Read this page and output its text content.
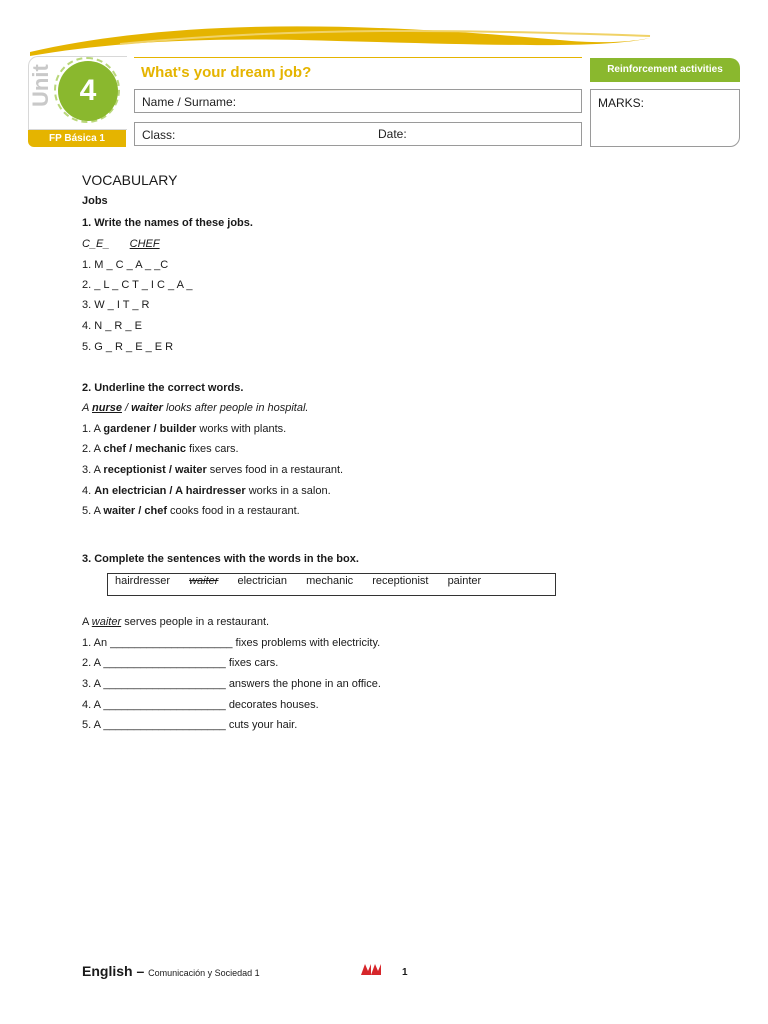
Unit 4
FP Básica 1
What's your dream job?
Name / Surname:
Class:	Date:
Reinforcement activities
MARKS:
VOCABULARY
Jobs
1. Write the names of these jobs.
C_E_ CHEF
1. M _ C _ A _ _C
2. _ L _ C T _ I C _ A _
3. W _ I T _ R
4. N _ R _ E
5. G _ R _ E _ E R
2. Underline the correct words.
A nurse / waiter looks after people in hospital.
1. A gardener / builder works with plants.
2. A chef / mechanic fixes cars.
3. A receptionist / waiter serves food in a restaurant.
4. An electrician / A hairdresser works in a salon.
5. A waiter / chef cooks food in a restaurant.
3. Complete the sentences with the words in the box.
hairdresser waiter electrician mechanic receptionist painter
A waiter serves people in a restaurant.
1. An ____________________ fixes problems with electricity.
2. A ____________________ fixes cars.
3. A ____________________ answers the phone in an office.
4. A ____________________ decorates houses.
5. A ____________________ cuts your hair.
English – Comunicación y Sociedad 1	1
